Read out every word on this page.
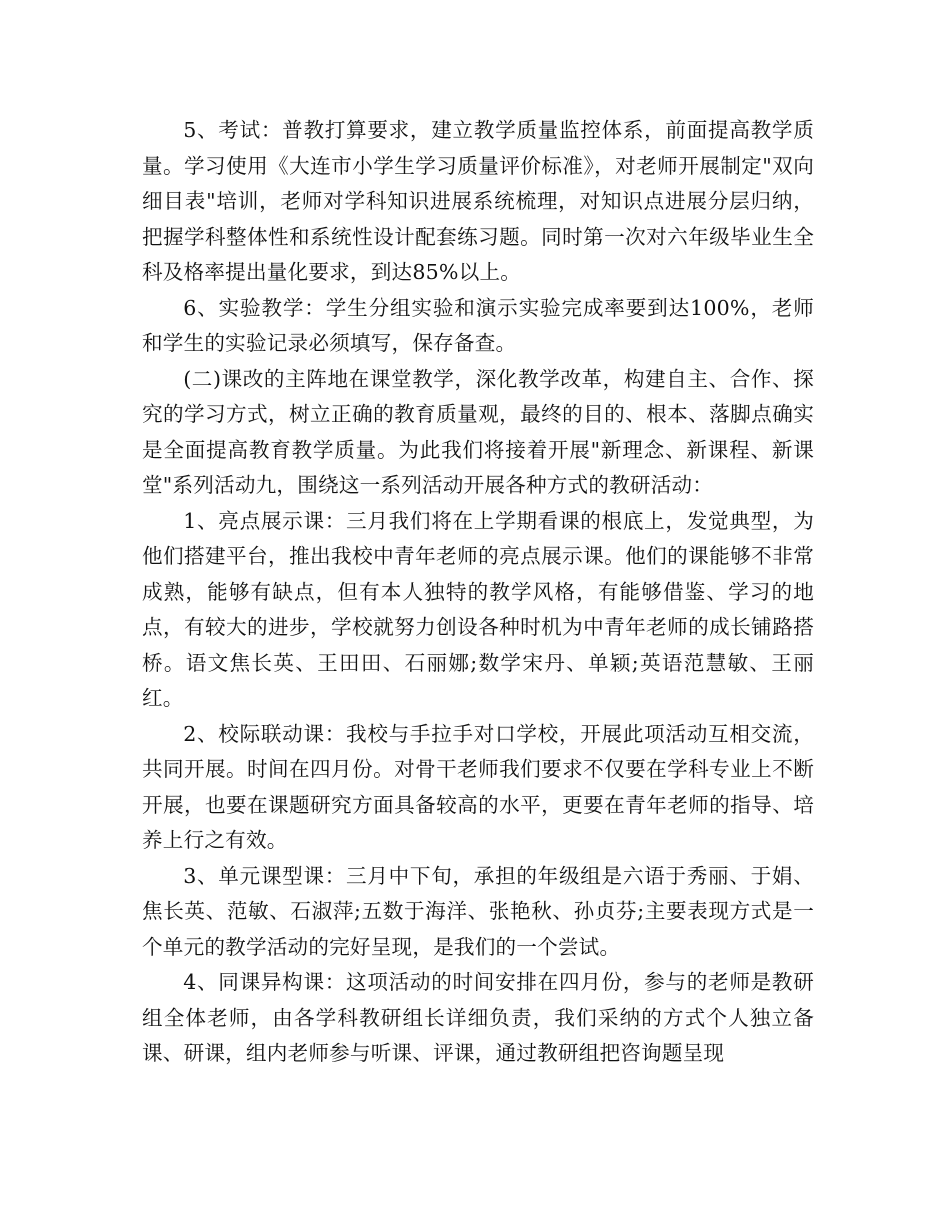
5、考试：普教打算要求，建立教学质量监控体系，前面提高教学质量。学习使用《大连市小学生学习质量评价标准》，对老师开展制定"双向细目表"培训，老师对学科知识进展系统梳理，对知识点进展分层归纳，把握学科整体性和系统性设计配套练习题。同时第一次对六年级毕业生全科及格率提出量化要求，到达85%以上。

6、实验教学：学生分组实验和演示实验完成率要到达100%，老师和学生的实验记录必须填写，保存备查。

(二)课改的主阵地在课堂教学，深化教学改革，构建自主、合作、探究的学习方式，树立正确的教育质量观，最终的目的、根本、落脚点确实是全面提高教育教学质量。为此我们将接着开展"新理念、新课程、新课堂"系列活动九，围绕这一系列活动开展各种方式的教研活动：

1、亮点展示课：三月我们将在上学期看课的根底上，发觉典型，为他们搭建平台，推出我校中青年老师的亮点展示课。他们的课能够不非常成熟，能够有缺点，但有本人独特的教学风格，有能够借鉴、学习的地点，有较大的进步，学校就努力创设各种时机为中青年老师的成长铺路搭桥。语文焦长英、王田田、石丽娜;数学宋丹、单颖;英语范慧敏、王丽红。

2、校际联动课：我校与手拉手对口学校，开展此项活动互相交流，共同开展。时间在四月份。对骨干老师我们要求不仅要在学科专业上不断开展，也要在课题研究方面具备较高的水平，更要在青年老师的指导、培养上行之有效。

3、单元课型课：三月中下旬，承担的年级组是六语于秀丽、于娟、焦长英、范敏、石淑萍;五数于海洋、张艳秋、孙贞芬;主要表现方式是一个单元的教学活动的完好呈现，是我们的一个尝试。

4、同课异构课：这项活动的时间安排在四月份，参与的老师是教研组全体老师，由各学科教研组长详细负责，我们采纳的方式个人独立备课、研课，组内老师参与听课、评课，通过教研组把咨询题呈现
